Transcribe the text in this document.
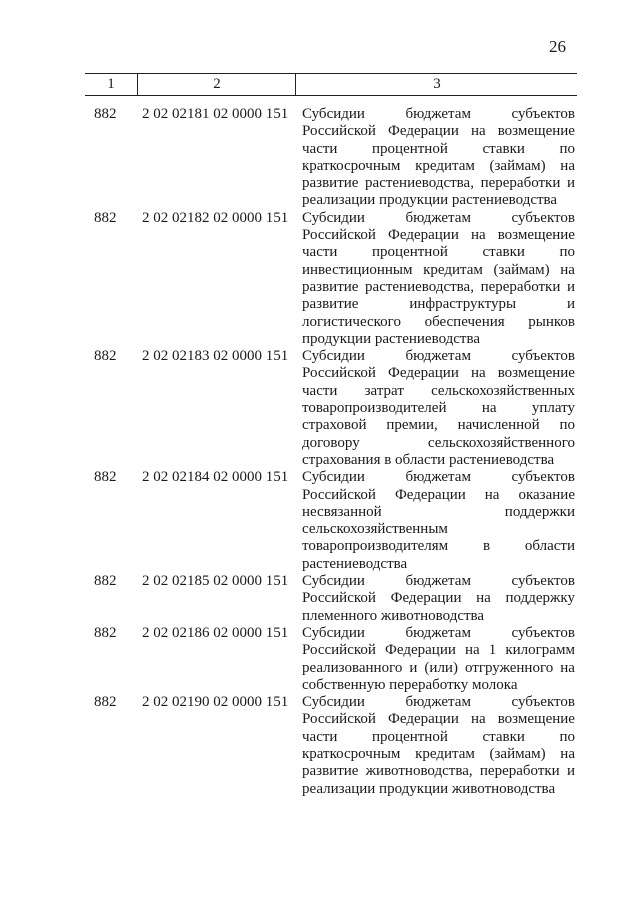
26
1	2	3
882 2 02 02181 02 0000 151 Субсидии	бюджетам	субъектов
Российской Федерации на возмещение
части процентной ставки по
краткосрочным кредитам (займам) на
развитие растениеводства, переработки и
реализации продукции растениеводства
882 2 02 02182 02 0000 151 Субсидии	бюджетам	субъектов
Российской Федерации на возмещение
части процентной ставки по
инвестиционным кредитам (займам) на
развитие растениеводства, переработки и
развитие	инфраструктуры	и
логистического обеспечения рынков
продукции растениеводства
882 2 02 02183 02 0000 151 Субсидии	бюджетам	субъектов
Российской Федерации на возмещение
части затрат сельскохозяйственных
товаропроизводителей на уплату
страховой премии, начисленной по
договору	сельскохозяйственного
страхования в области растениеводства
882 2 02 02184 02 0000 151 Субсидии	бюджетам	субъектов
Российской Федерации на оказание
несвязанной	поддержки
сельскохозяйственным
товаропроизводителям в области
растениеводства
882 2 02 02185 02 0000 151 Субсидии	бюджетам	субъектов
Российской Федерации на поддержку
племенного животноводства
882 2 02 02186 02 0000 151 Субсидии	бюджетам	субъектов
Российской Федерации на 1 килограмм
реализованного и (или) отгруженного на
собственную переработку молока
882 2 02 02190 02 0000 151 Субсидии	бюджетам	субъектов
Российской Федерации на возмещение
части процентной ставки по
краткосрочным кредитам (займам) на
развитие животноводства, переработки и
реализации продукции животноводства
